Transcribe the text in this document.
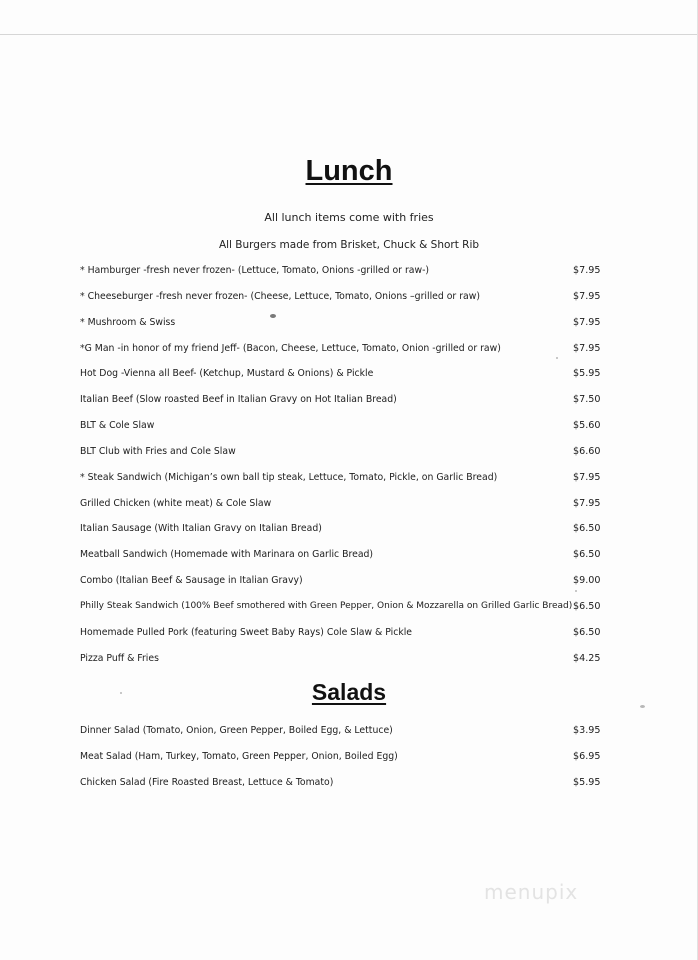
Lunch
All lunch items come with fries
All Burgers made from Brisket, Chuck & Short Rib
* Hamburger -fresh never frozen- (Lettuce, Tomato, Onions -grilled or raw-)	$7.95
* Cheeseburger -fresh never frozen- (Cheese, Lettuce, Tomato, Onions –grilled or raw)	$7.95
* Mushroom & Swiss	$7.95
*G Man -in honor of my friend Jeff- (Bacon, Cheese, Lettuce, Tomato, Onion -grilled or raw)	$7.95
Hot Dog -Vienna all Beef- (Ketchup, Mustard & Onions) & Pickle	$5.95
Italian Beef (Slow roasted Beef in Italian Gravy on Hot Italian Bread)	$7.50
BLT & Cole Slaw	$5.60
BLT Club with Fries and Cole Slaw	$6.60
* Steak Sandwich (Michigan’s own ball tip steak, Lettuce, Tomato, Pickle, on Garlic Bread)	$7.95
Grilled Chicken (white meat) & Cole Slaw	$7.95
Italian Sausage (With Italian Gravy on Italian Bread)	$6.50
Meatball Sandwich (Homemade with Marinara on Garlic Bread)	$6.50
Combo (Italian Beef & Sausage in Italian Gravy)	$9.00
Philly Steak Sandwich (100% Beef smothered with Green Pepper, Onion & Mozzarella on Grilled Garlic Bread) $6.50
Homemade Pulled Pork (featuring Sweet Baby Rays) Cole Slaw & Pickle	$6.50
Pizza Puff & Fries	$4.25
Salads
Dinner Salad (Tomato, Onion, Green Pepper, Boiled Egg, & Lettuce)	$3.95
Meat Salad (Ham, Turkey, Tomato, Green Pepper, Onion, Boiled Egg)	$6.95
Chicken Salad (Fire Roasted Breast, Lettuce & Tomato)	$5.95
menupix
